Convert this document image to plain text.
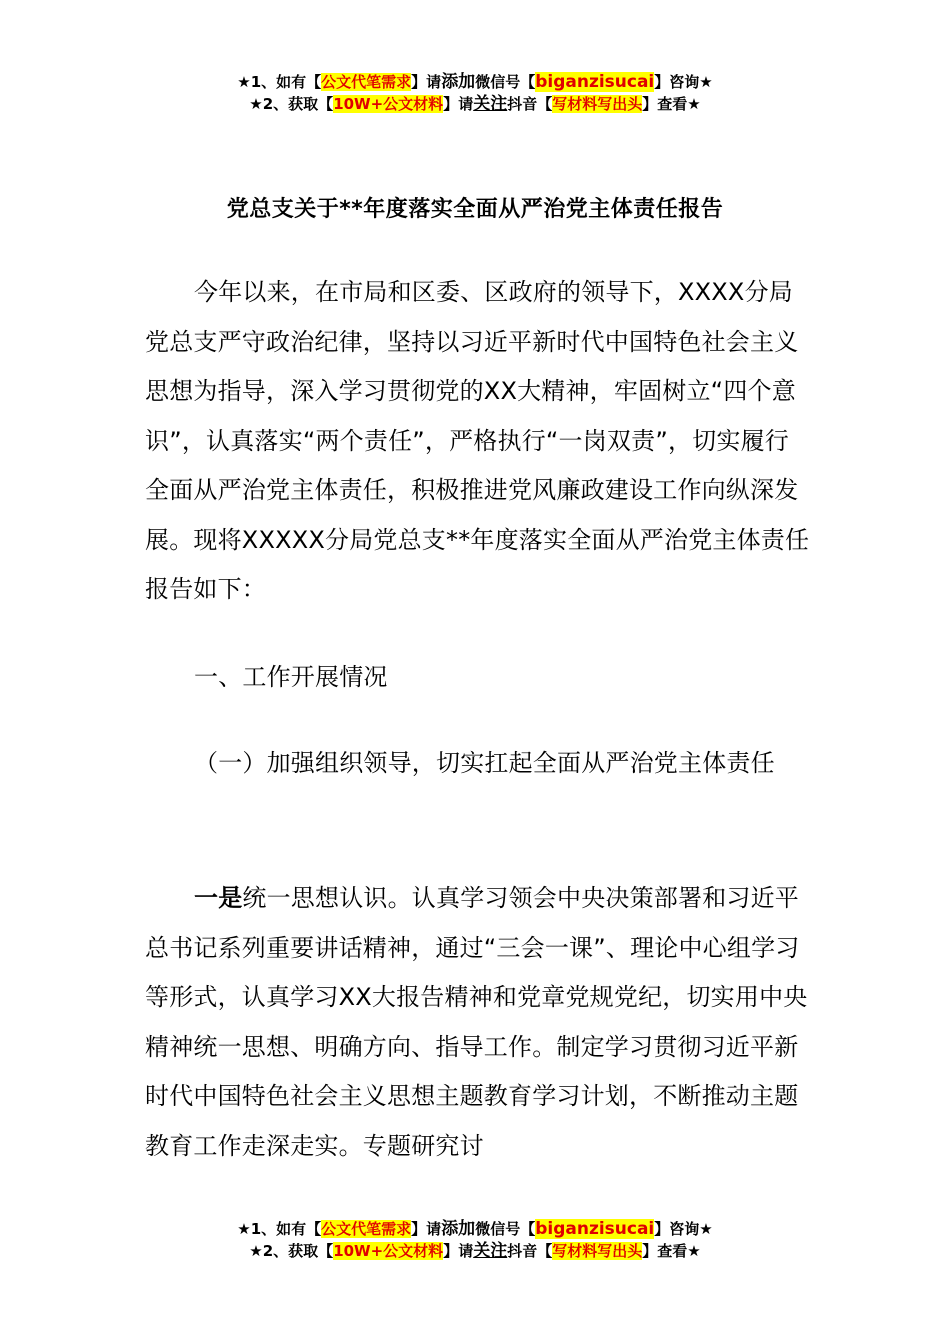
★1、如有【公文代笔需求】请添加微信号【biganzisucai】咨询★
★2、获取【10W+公文材料】请关注抖音【写材料写出头】查看★
党总支关于**年度落实全面从严治党主体责任报告

今年以来，在市局和区委、区政府的领导下，XXXX分局党总支严守政治纪律，坚持以习近平新时代中国特色社会主义思想为指导，深入学习贯彻党的XX大精神，牢固树立“四个意识”，认真落实“两个责任”，严格执行“一岗双责”，切实履行全面从严治党主体责任，积极推进党风廉政建设工作向纵深发展。现将XXXXX分局党总支**年度落实全面从严治党主体责任报告如下：

一、工作开展情况

（一）加强组织领导，切实扛起全面从严治党主体责任

一是统一思想认识。认真学习领会中央决策部署和习近平总书记系列重要讲话精神，通过“三会一课”、理论中心组学习等形式，认真学习XX大报告精神和党章党规党纪，切实用中央精神统一思想、明确方向、指导工作。制定学习贯彻习近平新时代中国特色社会主义思想主题教育学习计划，不断推动主题教育工作走深走实。专题研究讨

★1、如有【公文代笔需求】请添加微信号【biganzisucai】咨询★
★2、获取【10W+公文材料】请关注抖音【写材料写出头】查看★
